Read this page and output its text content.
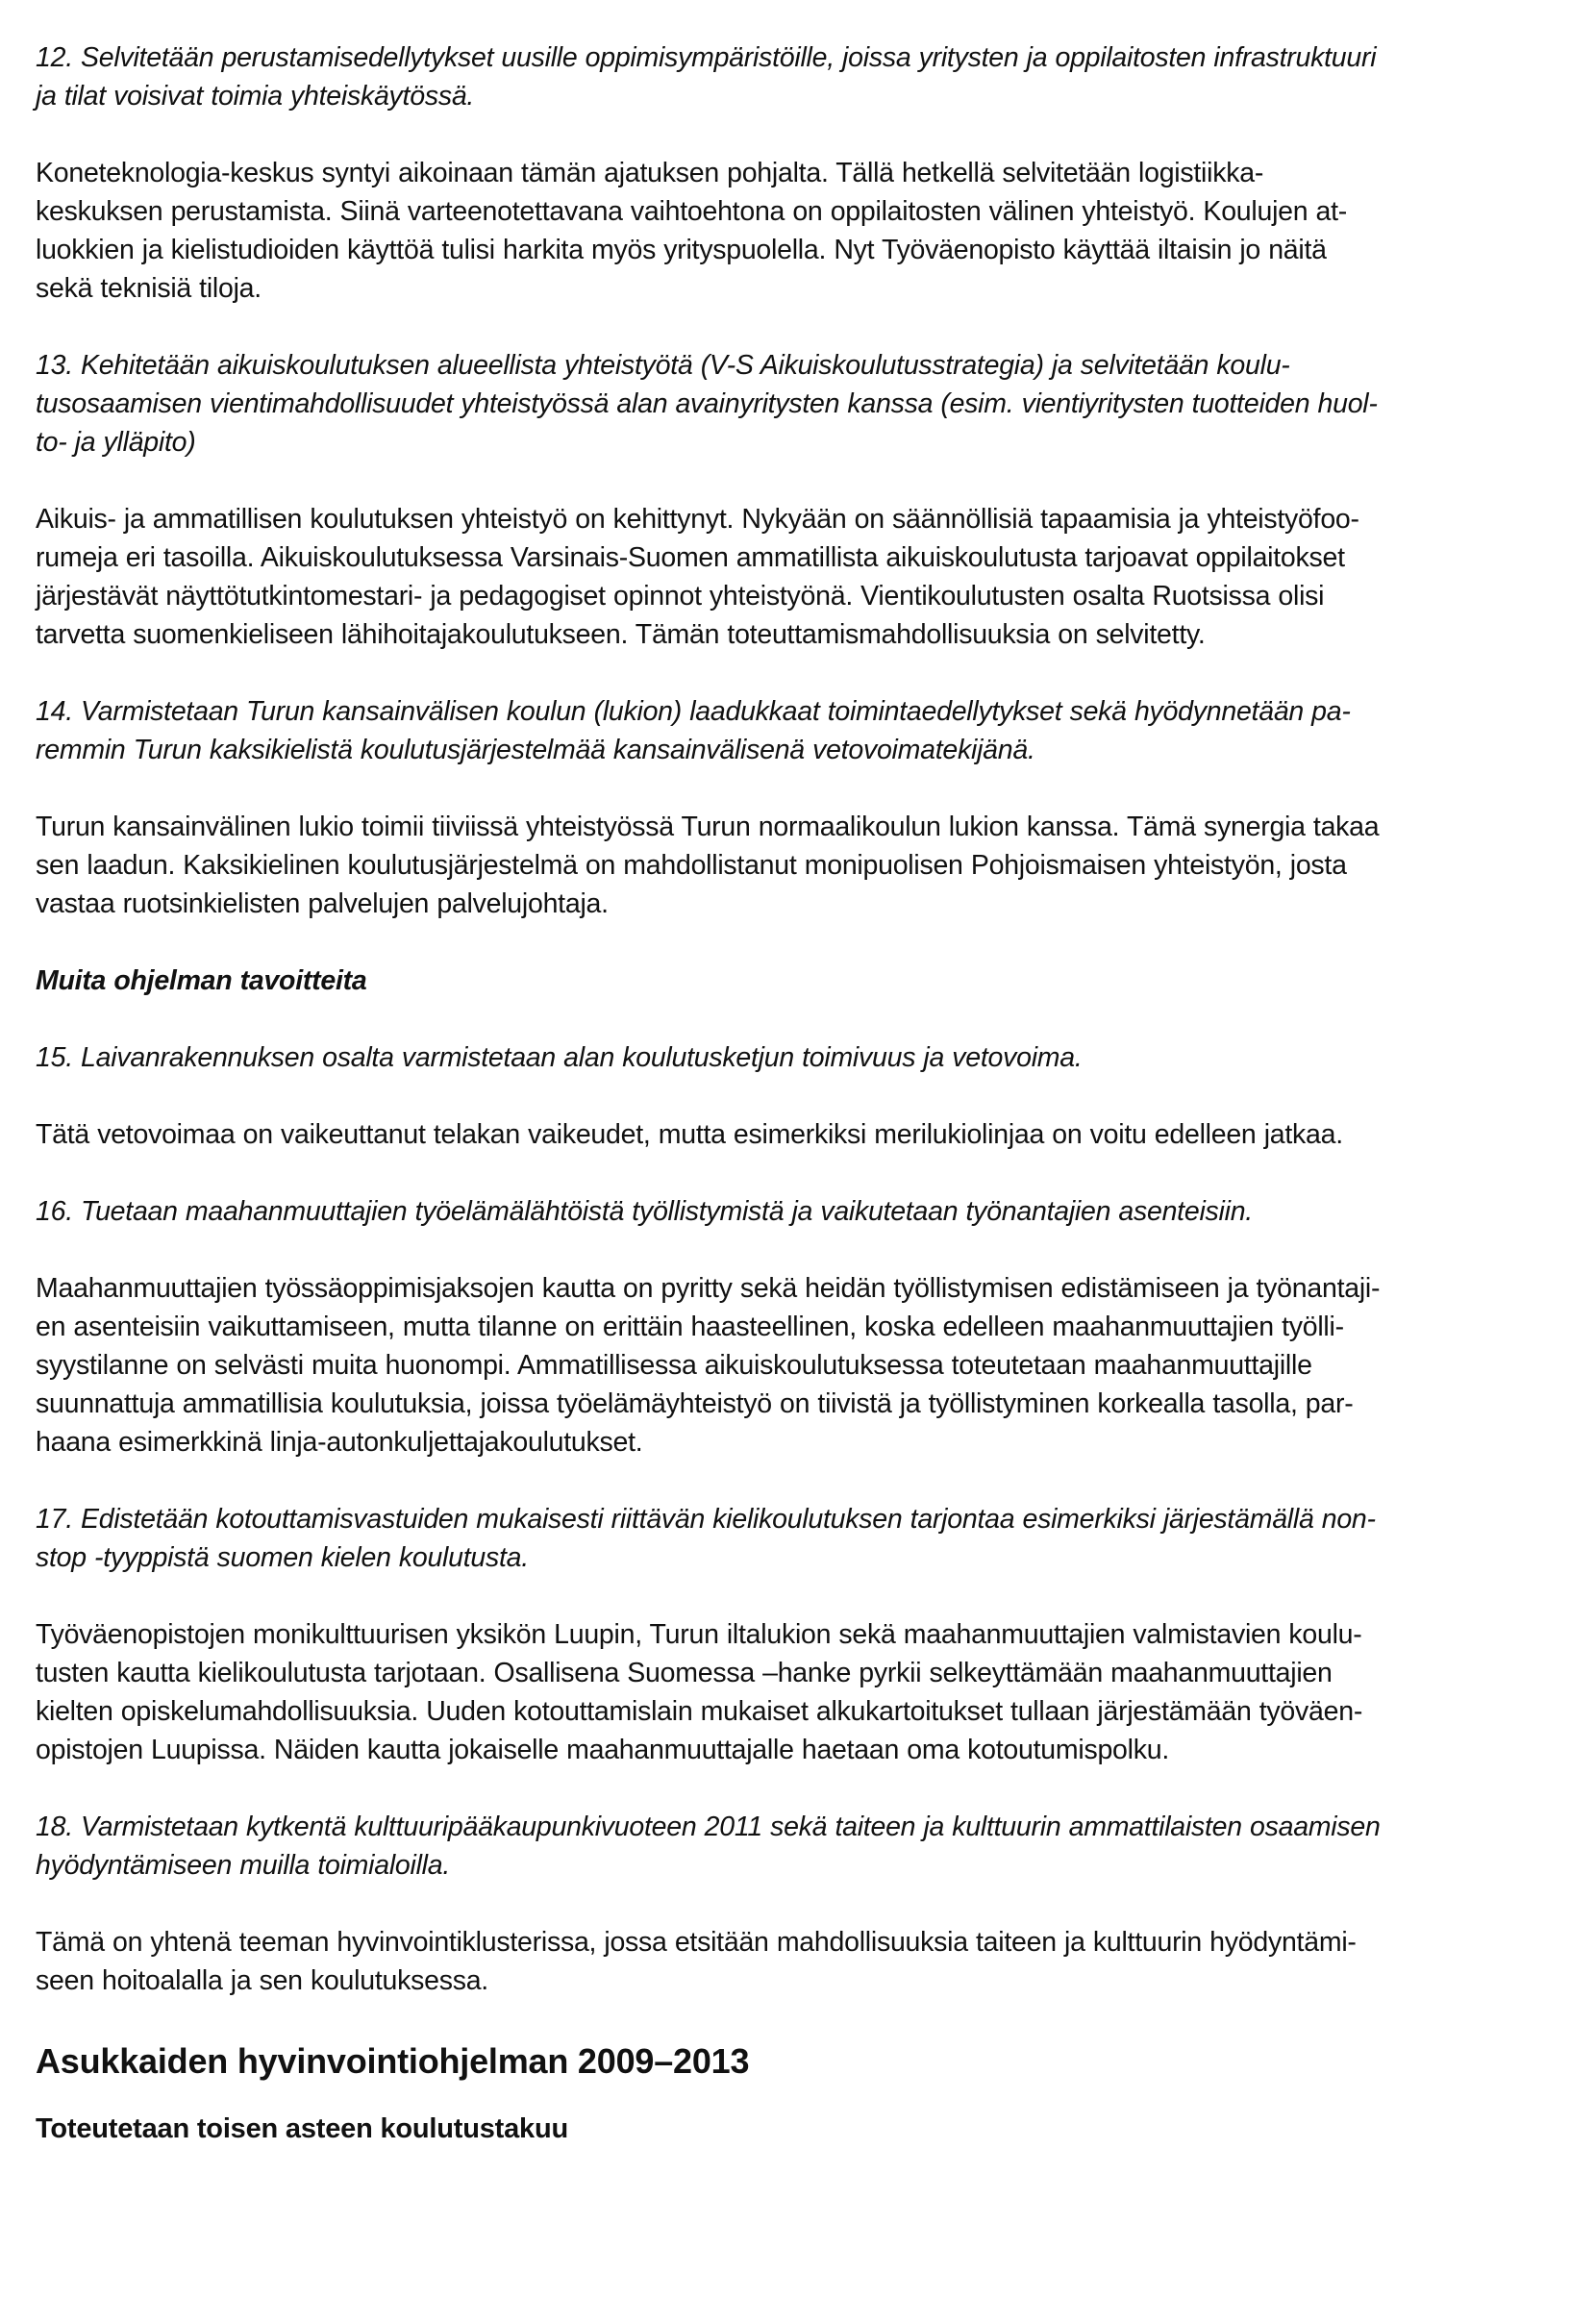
12. Selvitetään perustamisedellytykset uusille oppimisympäristöille, joissa yritysten ja oppilaitosten infrastruktuuri
ja tilat voisivat toimia yhteiskäytössä.

Koneteknologia-keskus syntyi aikoinaan tämän ajatuksen pohjalta. Tällä hetkellä selvitetään logistiikka-
keskuksen perustamista. Siinä varteenotettavana vaihtoehtona on oppilaitosten välinen yhteistyö. Koulujen at-
luokkien ja kielistudioiden käyttöä tulisi harkita myös yrityspuolella. Nyt Työväenopisto käyttää iltaisin jo näitä
sekä teknisiä tiloja.

13. Kehitetään aikuiskoulutuksen alueellista yhteistyötä (V-S Aikuiskoulutusstrategia) ja selvitetään koulu-
tusosaamisen vientimahdollisuudet yhteistyössä alan avainyritysten kanssa (esim. vientiyritysten tuotteiden huol-
to- ja ylläpito)

Aikuis- ja ammatillisen koulutuksen yhteistyö on kehittynyt. Nykyään on säännöllisiä tapaamisia ja yhteistyöfoo-
rumeja eri tasoilla. Aikuiskoulutuksessa Varsinais-Suomen ammatillista aikuiskoulutusta tarjoavat oppilaitokset
järjestävät näyttötutkintomestari- ja pedagogiset opinnot yhteistyönä. Vientikoulutusten osalta Ruotsissa olisi
tarvetta suomenkieliseen lähihoitajakoulutukseen. Tämän toteuttamismahdollisuuksia on selvitetty.

14. Varmistetaan Turun kansainvälisen koulun (lukion) laadukkaat toimintaedellytykset sekä hyödynnetään pa-
remmin Turun kaksikielistä koulutusjärjestelmää kansainvälisenä vetovoimatekijänä.

Turun kansainvälinen lukio toimii tiiviissä yhteistyössä Turun normaalikoulun lukion kanssa. Tämä synergia takaa
sen laadun. Kaksikielinen koulutusjärjestelmä on mahdollistanut monipuolisen Pohjoismaisen yhteistyön, josta
vastaa ruotsinkielisten palvelujen palvelujohtaja.

Muita ohjelman tavoitteita

15. Laivanrakennuksen osalta varmistetaan alan koulutusketjun toimivuus ja vetovoima.

Tätä vetovoimaa on vaikeuttanut telakan vaikeudet, mutta esimerkiksi merilukiolinjaa on voitu edelleen jatkaa.

16. Tuetaan maahanmuuttajien työelämälähtöistä työllistymistä ja vaikutetaan työnantajien asenteisiin.

Maahanmuuttajien työssäoppimisjaksojen kautta on pyritty sekä heidän työllistymisen edistämiseen ja työnantaji-
en asenteisiin vaikuttamiseen, mutta tilanne on erittäin haasteellinen, koska edelleen maahanmuuttajien työlli-
syystilanne on selvästi muita huonompi. Ammatillisessa aikuiskoulutuksessa toteutetaan maahanmuuttajille
suunnattuja ammatillisia koulutuksia, joissa työelämäyhteistyö on tiivistä ja työllistyminen korkealla tasolla, par-
haana esimerkkinä linja-autonkuljettajakoulutukset.

17. Edistetään kotouttamisvastuiden mukaisesti riittävän kielikoulutuksen tarjontaa esimerkiksi järjestämällä non-
stop -tyyppistä suomen kielen koulutusta.

Työväenopistojen monikulttuurisen yksikön Luupin, Turun iltalukion sekä maahanmuuttajien valmistavien koulu-
tusten kautta kielikoulutusta tarjotaan. Osallisena Suomessa –hanke pyrkii selkeyttämään maahanmuuttajien
kielten opiskelumahdollisuuksia. Uuden kotouttamislain mukaiset alkukartoitukset tullaan järjestämään työväen-
opistojen Luupissa. Näiden kautta jokaiselle maahanmuuttajalle haetaan oma kotoutumispolku.

18. Varmistetaan kytkentä kulttuuripääkaupunkivuoteen 2011 sekä taiteen ja kulttuurin ammattilaisten osaamisen
hyödyntämiseen muilla toimialoilla.

Tämä on yhtenä teeman hyvinvointiklusterissa, jossa etsitään mahdollisuuksia taiteen ja kulttuurin hyödyntämi-
seen hoitoalalla ja sen koulutuksessa.

Asukkaiden hyvinvointiohjelman 2009–2013
Toteutetaan toisen asteen koulutustakuu
